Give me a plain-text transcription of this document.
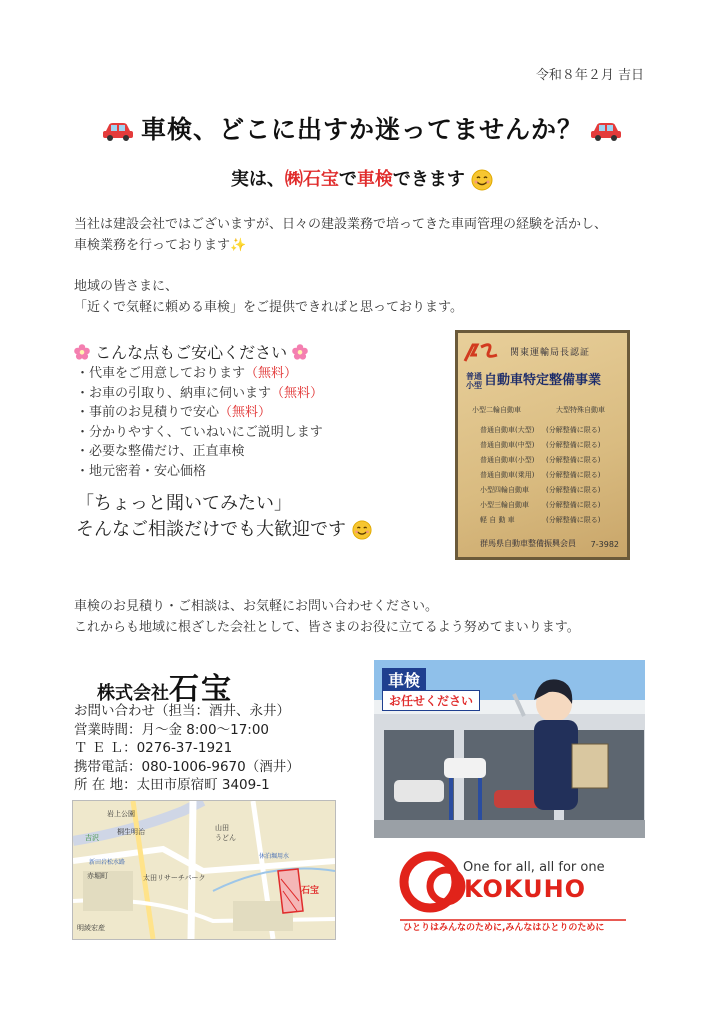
令和８年２月 吉日
車検、どこに出すか迷ってませんか？
実は、㈱石宝で車検できます
当社は建設会社ではございますが、日々の建設業務で培ってきた車両管理の経験を活かし、
車検業務を行っております✨
地域の皆さまに、
「近くで気軽に頼める車検」をご提供できればと思っております。
こんな点もご安心ください
・ 代車をご用意しております（無料）
・ お車の引取り、納車に伺います（無料）
・ 事前のお見積りで安心（無料）
・ 分かりやすく、ていねいにご説明します
・ 必要な整備だけ、正直車検
・ 地元密着・安心価格
「ちょっと聞いてみたい」
そんなご相談だけでも大歓迎です
関東運輸局長認証
普通 小型 自動車特定整備事業
小型二輪自動車	大型特殊自動車
普通自動車(大型) (分解整備に限る)
普通自動車(中型) (分解整備に限る)
普通自動車(小型) (分解整備に限る)
普通自動車(乗用) (分解整備に限る)
小型四輪自動車 (分解整備に限る)
小型三輪自動車 (分解整備に限る)
軽 自 動 車	(分解整備に限る)
群馬県自動車整備振興会員 7-3982
車検のお見積り・ご相談は、お気軽にお問い合わせください。
これからも地域に根ざした会社として、皆さまのお役に立てるよう努めてまいります。
株式会社石宝
お問い合わせ（担当：酒井、永井）
営業時間：月～金 8:00～17:00
Ｔ Ｅ Ｌ：0276-37-1921
携帯電話：080-1006-9670（酒井）
所 在 地：太田市原宿町 3409-1
岩上公園
桐生明治
吉沢
新田岩松水路
赤堀町	太田リサーチパーク
休泊堀用水
明綾宏産
山田
うどん
石宝
車検
お任せください
One for all, all for one
KOKUHO
ひとりはみんなのために,みんなはひとりのために
